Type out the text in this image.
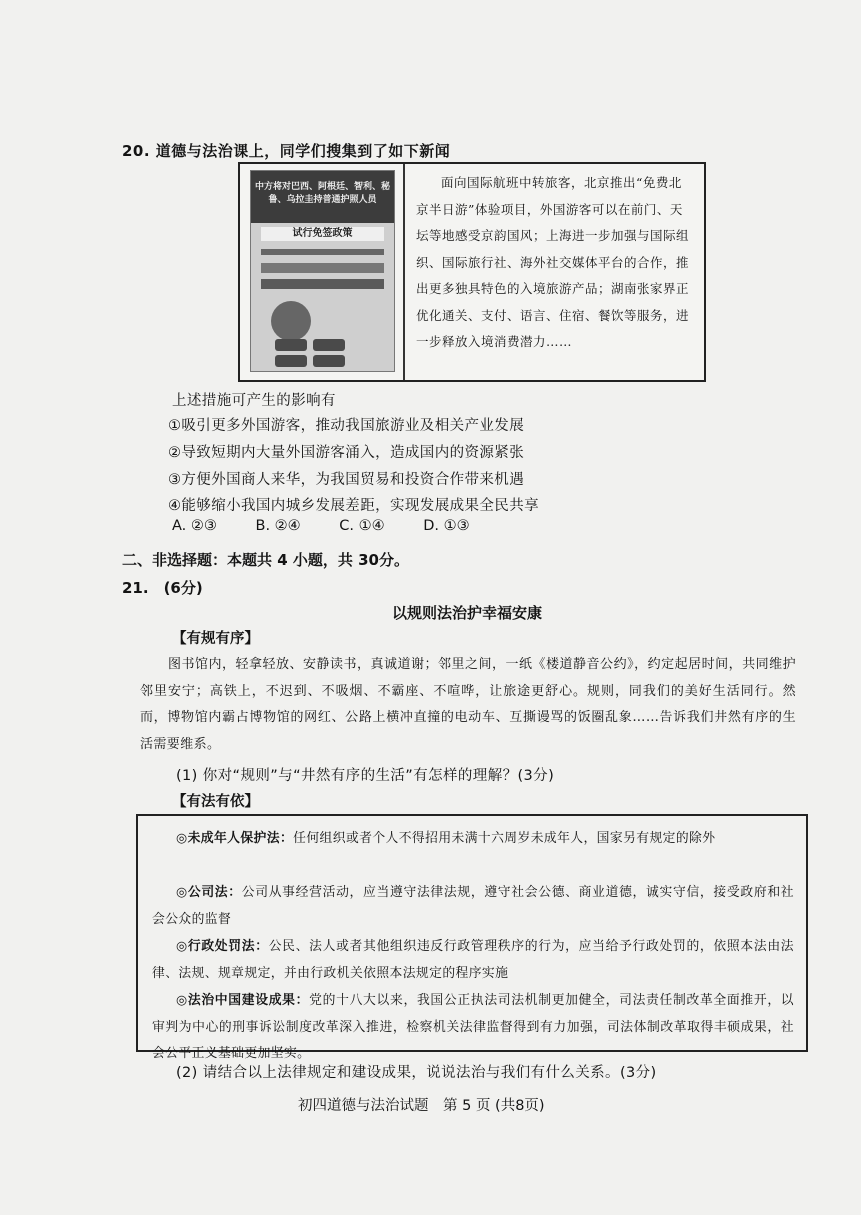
20. 道德与法治课上，同学们搜集到了如下新闻
中方将对巴西、阿根廷、智利、秘鲁、乌拉圭持普通护照人员
试行免签政策
面向国际航班中转旅客，北京推出“免费北京半日游”体验项目，外国游客可以在前门、天坛等地感受京韵国风；上海进一步加强与国际组织、国际旅行社、海外社交媒体平台的合作，推出更多独具特色的入境旅游产品；湖南张家界正优化通关、支付、语言、住宿、餐饮等服务，进一步释放入境消费潜力……
上述措施可产生的影响有
①吸引更多外国游客，推动我国旅游业及相关产业发展
②导致短期内大量外国游客涌入，造成国内的资源紧张
③方便外国商人来华，为我国贸易和投资合作带来机遇
④能够缩小我国内城乡发展差距，实现发展成果全民共享
A. ②③	B. ②④	C. ①④	D. ①③
二、非选择题：本题共 4 小题，共 30分。
21.　(6分)
以规则法治护幸福安康
【有规有序】
图书馆内，轻拿轻放、安静读书，真诚道谢；邻里之间，一纸《楼道静音公约》，约定起居时间，共同维护邻里安宁；高铁上，不迟到、不吸烟、不霸座、不喧哗，让旅途更舒心。规则，同我们的美好生活同行。然而，博物馆内霸占博物馆的网红、公路上横冲直撞的电动车、互撕谩骂的饭圈乱象……告诉我们井然有序的生活需要维系。
(1) 你对“规则”与“井然有序的生活”有怎样的理解？(3分)
【有法有依】
◎未成年人保护法：任何组织或者个人不得招用未满十六周岁未成年人，国家另有规定的除外
◎公司法：公司从事经营活动，应当遵守法律法规，遵守社会公德、商业道德，诚实守信，接受政府和社会公众的监督
◎行政处罚法：公民、法人或者其他组织违反行政管理秩序的行为，应当给予行政处罚的，依照本法由法律、法规、规章规定，并由行政机关依照本法规定的程序实施
◎法治中国建设成果：党的十八大以来，我国公正执法司法机制更加健全，司法责任制改革全面推开，以审判为中心的刑事诉讼制度改革深入推进，检察机关法律监督得到有力加强，司法体制改革取得丰硕成果，社会公平正义基础更加坚实。
(2) 请结合以上法律规定和建设成果，说说法治与我们有什么关系。(3分)
初四道德与法治试题　第 5 页 (共8页)
